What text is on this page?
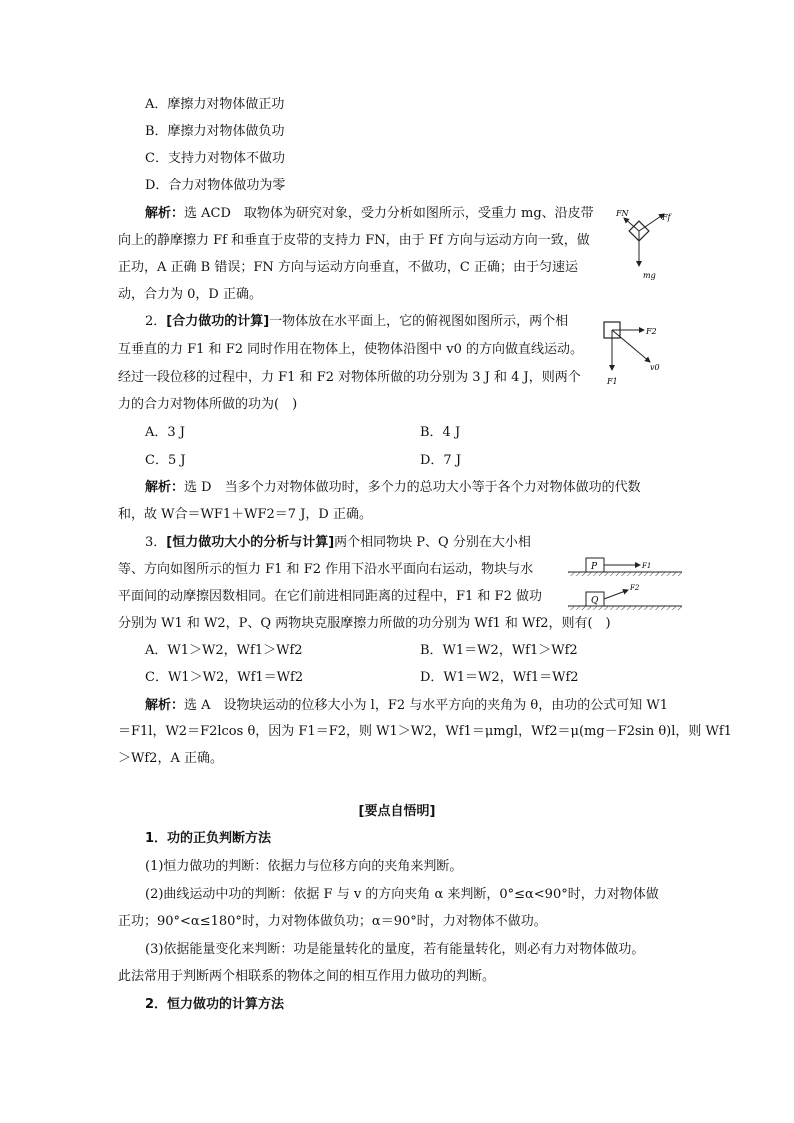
A．摩擦力对物体做正功
B．摩擦力对物体做负功
C．支持力对物体不做功
D．合力对物体做功为零
解析：选 ACD　取物体为研究对象，受力分析如图所示，受重力 mg、沿皮带
向上的静摩擦力 Ff 和垂直于皮带的支持力 FN，由于 Ff 方向与运动方向一致，做
正功，A 正确 B 错误；FN 方向与运动方向垂直，不做功，C 正确；由于匀速运
动，合力为 0，D 正确。
FN	Ff
mg
2．[合力做功的计算]一物体放在水平面上，它的俯视图如图所示，两个相
互垂直的力 F1 和 F2 同时作用在物体上，使物体沿图中 v0 的方向做直线运动。
经过一段位移的过程中，力 F1 和 F2 对物体所做的功分别为 3 J 和 4 J，则两个
力的合力对物体所做的功为(　)
F2
v0
F1
A．3 J	B．4 J
C．5 J	D．7 J
解析：选 D　当多个力对物体做功时，多个力的总功大小等于各个力对物体做功的代数
和，故 W合＝WF1＋WF2＝7 J，D 正确。
3．[恒力做功大小的分析与计算]两个相同物块 P、Q 分别在大小相
等、方向如图所示的恒力 F1 和 F2 作用下沿水平面向右运动，物块与水
平面间的动摩擦因数相同。在它们前进相同距离的过程中，F1 和 F2 做功
分别为 W1 和 W2，P、Q 两物块克服摩擦力所做的功分别为 Wf1 和 Wf2，则有(　)
P	F1
Q
F2
A．W1＞W2，Wf1＞Wf2	B．W1＝W2，Wf1＞Wf2
C．W1＞W2，Wf1＝Wf2	D．W1＝W2，Wf1＝Wf2
解析：选 A　设物块运动的位移大小为 l，F2 与水平方向的夹角为 θ，由功的公式可知 W1
＝F1l，W2＝F2lcos θ，因为 F1＝F2，则 W1＞W2，Wf1＝μmgl，Wf2＝μ(mg－F2sin θ)l，则 Wf1
＞Wf2，A 正确。
[要点自悟明]
1．功的正负判断方法
(1)恒力做功的判断：依据力与位移方向的夹角来判断。
(2)曲线运动中功的判断：依据 F 与 v 的方向夹角 α 来判断，0°≤α<90°时，力对物体做
正功；90°<α≤180°时，力对物体做负功；α＝90°时，力对物体不做功。
(3)依据能量变化来判断：功是能量转化的量度，若有能量转化，则必有力对物体做功。
此法常用于判断两个相联系的物体之间的相互作用力做功的判断。
2．恒力做功的计算方法
